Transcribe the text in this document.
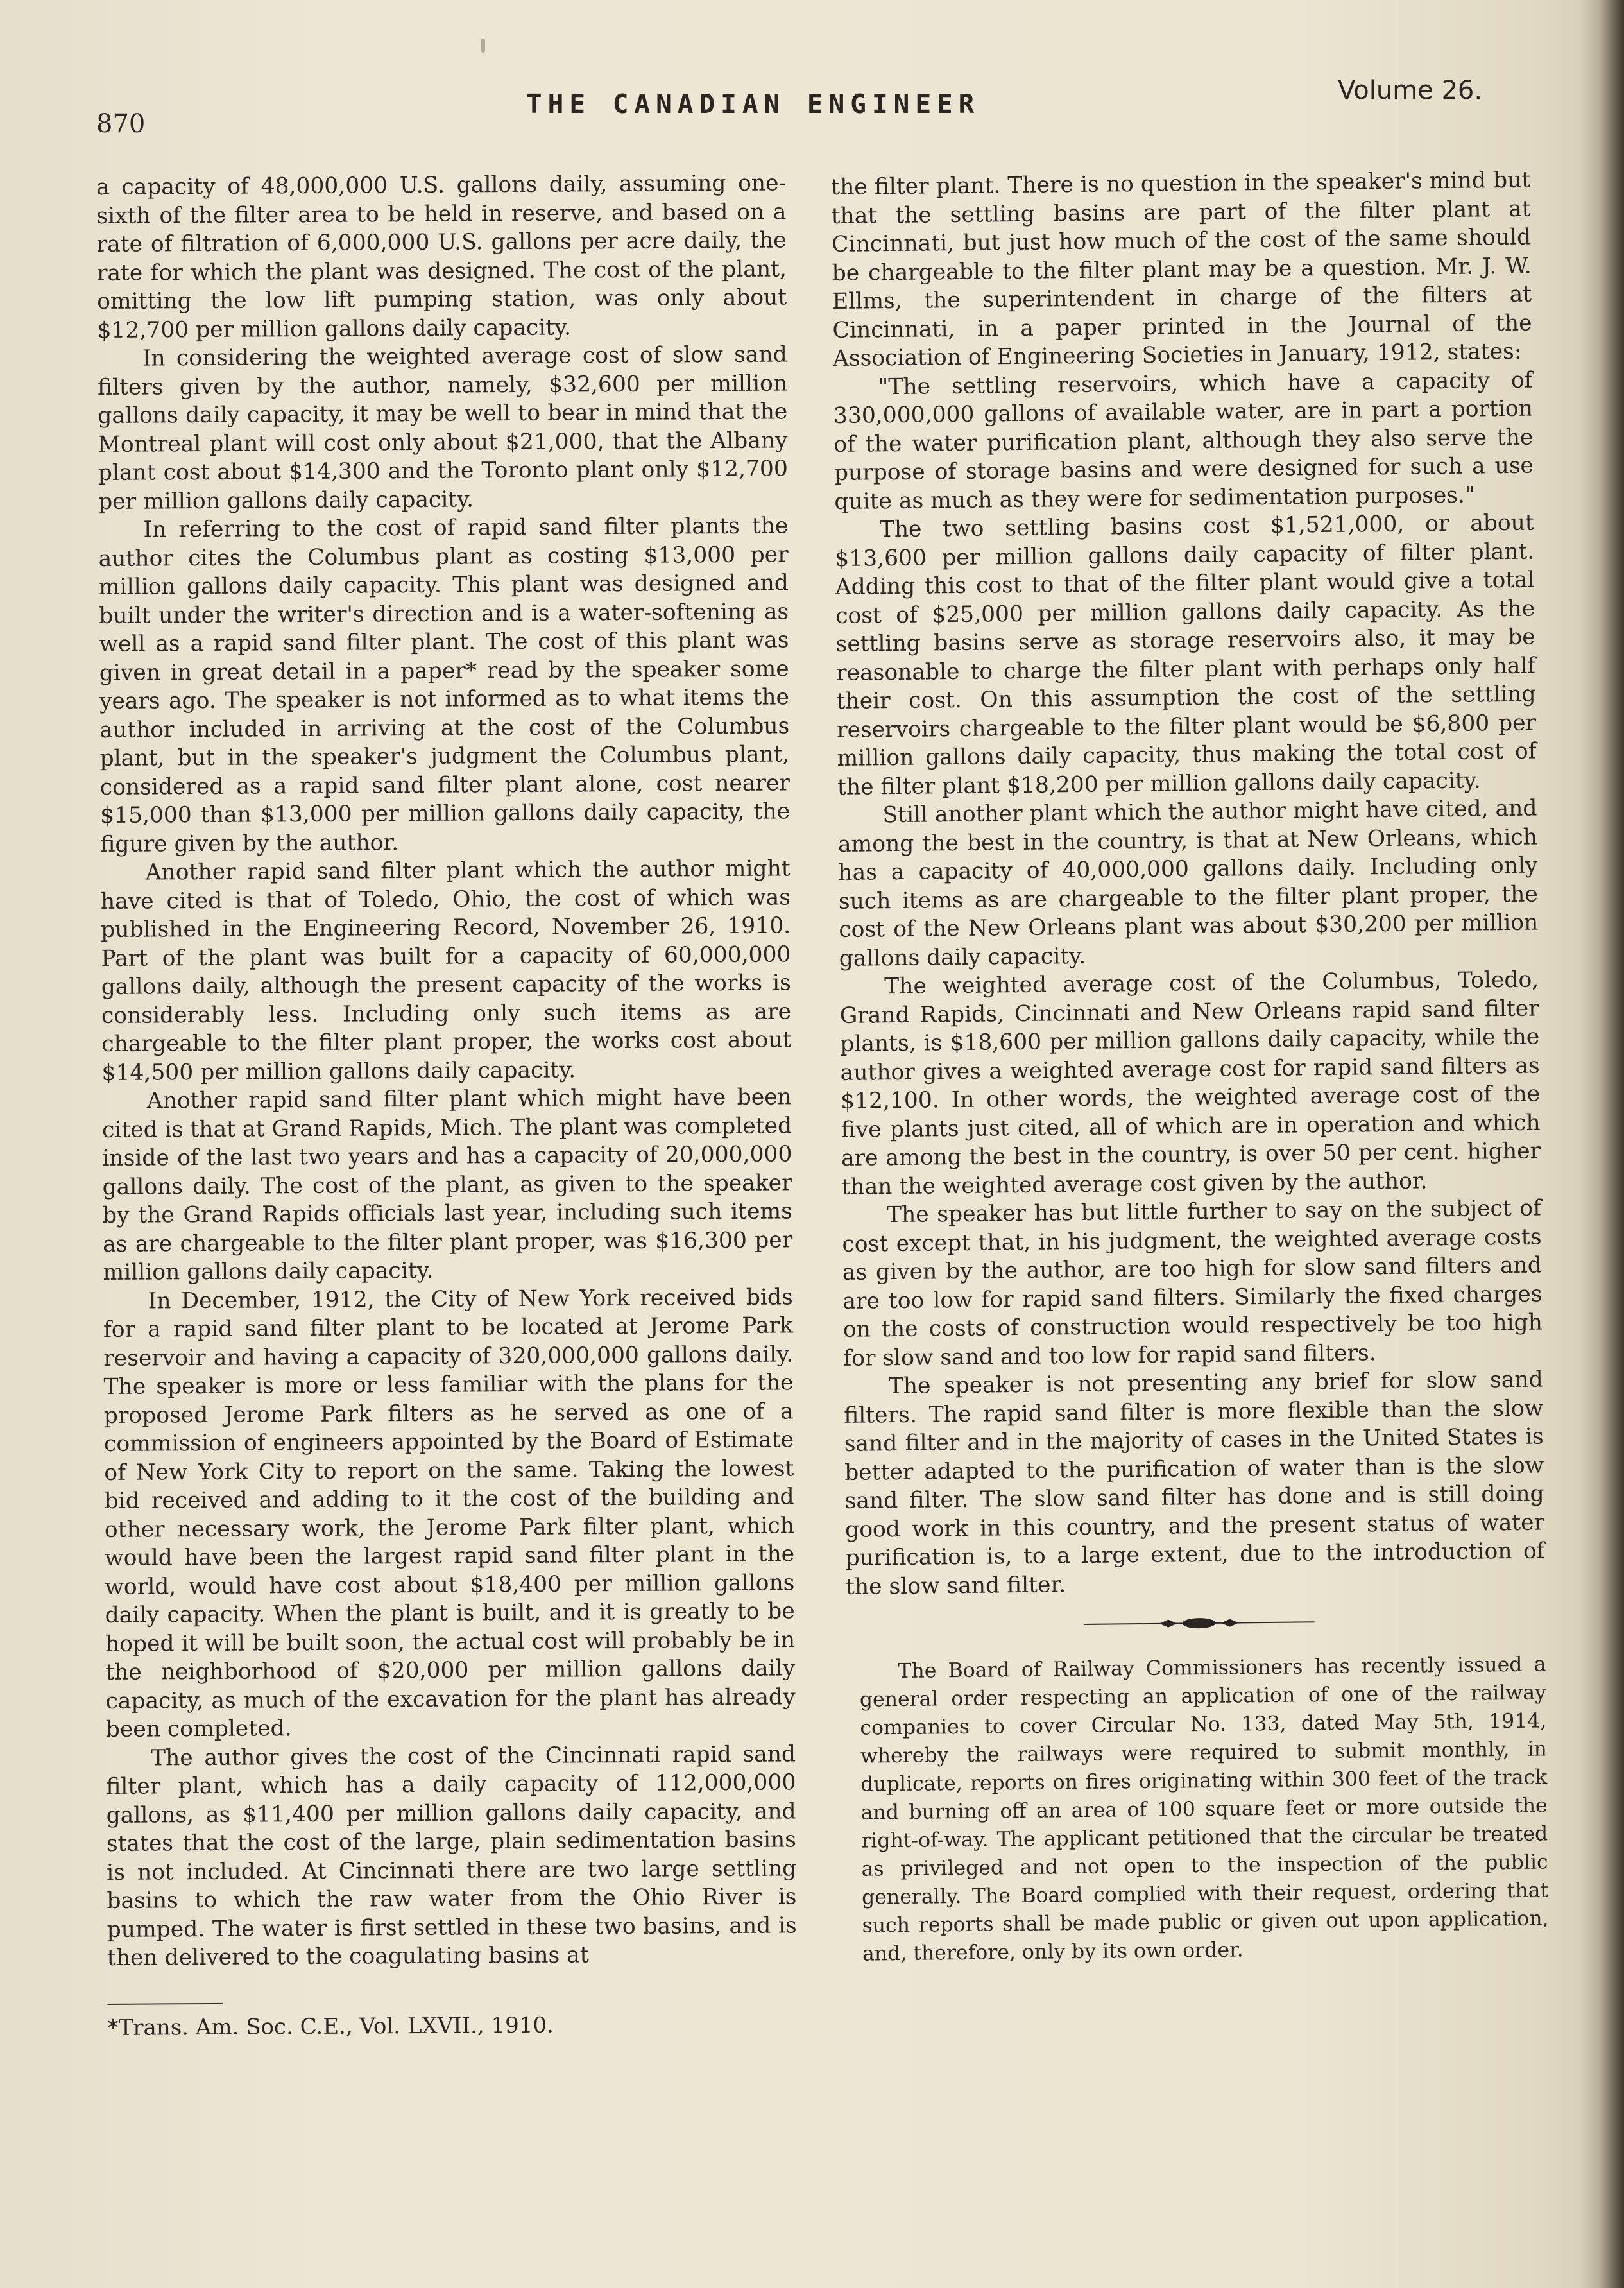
870
THE CANADIAN ENGINEER	Volume 26.

a capacity of 48,000,000 U.S. gallons daily, assuming one-sixth of the filter area to be held in reserve, and based on a rate of filtration of 6,000,000 U.S. gallons per acre daily, the rate for which the plant was designed. The cost of the plant, omitting the low lift pumping station, was only about $12,700 per million gallons daily capacity.

In considering the weighted average cost of slow sand filters given by the author, namely, $32,600 per million gallons daily capacity, it may be well to bear in mind that the Montreal plant will cost only about $21,000, that the Albany plant cost about $14,300 and the Toronto plant only $12,700 per million gallons daily capacity.

In referring to the cost of rapid sand filter plants the author cites the Columbus plant as costing $13,000 per million gallons daily capacity. This plant was designed and built under the writer's direction and is a water-softening as well as a rapid sand filter plant. The cost of this plant was given in great detail in a paper* read by the speaker some years ago. The speaker is not informed as to what items the author included in arriving at the cost of the Columbus plant, but in the speaker's judgment the Columbus plant, considered as a rapid sand filter plant alone, cost nearer $15,000 than $13,000 per million gallons daily capacity, the figure given by the author.

Another rapid sand filter plant which the author might have cited is that of Toledo, Ohio, the cost of which was published in the Engineering Record, November 26, 1910. Part of the plant was built for a capacity of 60,000,000 gallons daily, although the present capacity of the works is considerably less. Including only such items as are chargeable to the filter plant proper, the works cost about $14,500 per million gallons daily capacity.

Another rapid sand filter plant which might have been cited is that at Grand Rapids, Mich. The plant was completed inside of the last two years and has a capacity of 20,000,000 gallons daily. The cost of the plant, as given to the speaker by the Grand Rapids officials last year, including such items as are chargeable to the filter plant proper, was $16,300 per million gallons daily capacity.

In December, 1912, the City of New York received bids for a rapid sand filter plant to be located at Jerome Park reservoir and having a capacity of 320,000,000 gallons daily. The speaker is more or less familiar with the plans for the proposed Jerome Park filters as he served as one of a commission of engineers appointed by the Board of Estimate of New York City to report on the same. Taking the lowest bid received and adding to it the cost of the building and other necessary work, the Jerome Park filter plant, which would have been the largest rapid sand filter plant in the world, would have cost about $18,400 per million gallons daily capacity. When the plant is built, and it is greatly to be hoped it will be built soon, the actual cost will probably be in the neighborhood of $20,000 per million gallons daily capacity, as much of the excavation for the plant has already been completed.

The author gives the cost of the Cincinnati rapid sand filter plant, which has a daily capacity of 112,000,000 gallons, as $11,400 per million gallons daily capacity, and states that the cost of the large, plain sedimentation basins is not included. At Cincinnati there are two large settling basins to which the raw water from the Ohio River is pumped. The water is first settled in these two basins, and is then delivered to the coagulating basins at

*Trans. Am. Soc. C.E., Vol. LXVII., 1910.

the filter plant. There is no question in the speaker's mind but that the settling basins are part of the filter plant at Cincinnati, but just how much of the cost of the same should be chargeable to the filter plant may be a question. Mr. J. W. Ellms, the superintendent in charge of the filters at Cincinnati, in a paper printed in the Journal of the Association of Engineering Societies in January, 1912, states:

"The settling reservoirs, which have a capacity of 330,000,000 gallons of available water, are in part a portion of the water purification plant, although they also serve the purpose of storage basins and were designed for such a use quite as much as they were for sedimentation purposes."

The two settling basins cost $1,521,000, or about $13,600 per million gallons daily capacity of filter plant. Adding this cost to that of the filter plant would give a total cost of $25,000 per million gallons daily capacity. As the settling basins serve as storage reservoirs also, it may be reasonable to charge the filter plant with perhaps only half their cost. On this assumption the cost of the settling reservoirs chargeable to the filter plant would be $6,800 per million gallons daily capacity, thus making the total cost of the filter plant $18,200 per million gallons daily capacity.

Still another plant which the author might have cited, and among the best in the country, is that at New Orleans, which has a capacity of 40,000,000 gallons daily. Including only such items as are chargeable to the filter plant proper, the cost of the New Orleans plant was about $30,200 per million gallons daily capacity.

The weighted average cost of the Columbus, Toledo, Grand Rapids, Cincinnati and New Orleans rapid sand filter plants, is $18,600 per million gallons daily capacity, while the author gives a weighted average cost for rapid sand filters as $12,100. In other words, the weighted average cost of the five plants just cited, all of which are in operation and which are among the best in the country, is over 50 per cent. higher than the weighted average cost given by the author.

The speaker has but little further to say on the subject of cost except that, in his judgment, the weighted average costs as given by the author, are too high for slow sand filters and are too low for rapid sand filters. Similarly the fixed charges on the costs of construction would respectively be too high for slow sand and too low for rapid sand filters.

The speaker is not presenting any brief for slow sand filters. The rapid sand filter is more flexible than the slow sand filter and in the majority of cases in the United States is better adapted to the purification of water than is the slow sand filter. The slow sand filter has done and is still doing good work in this country, and the present status of water purification is, to a large extent, due to the introduction of the slow sand filter.

The Board of Railway Commissioners has recently issued a general order respecting an application of one of the railway companies to cover Circular No. 133, dated May 5th, 1914, whereby the railways were required to submit monthly, in duplicate, reports on fires originating within 300 feet of the track and burning off an area of 100 square feet or more outside the right-of-way. The applicant petitioned that the circular be treated as privileged and not open to the inspection of the public generally. The Board complied with their request, ordering that such reports shall be made public or given out upon application, and, therefore, only by its own order.
